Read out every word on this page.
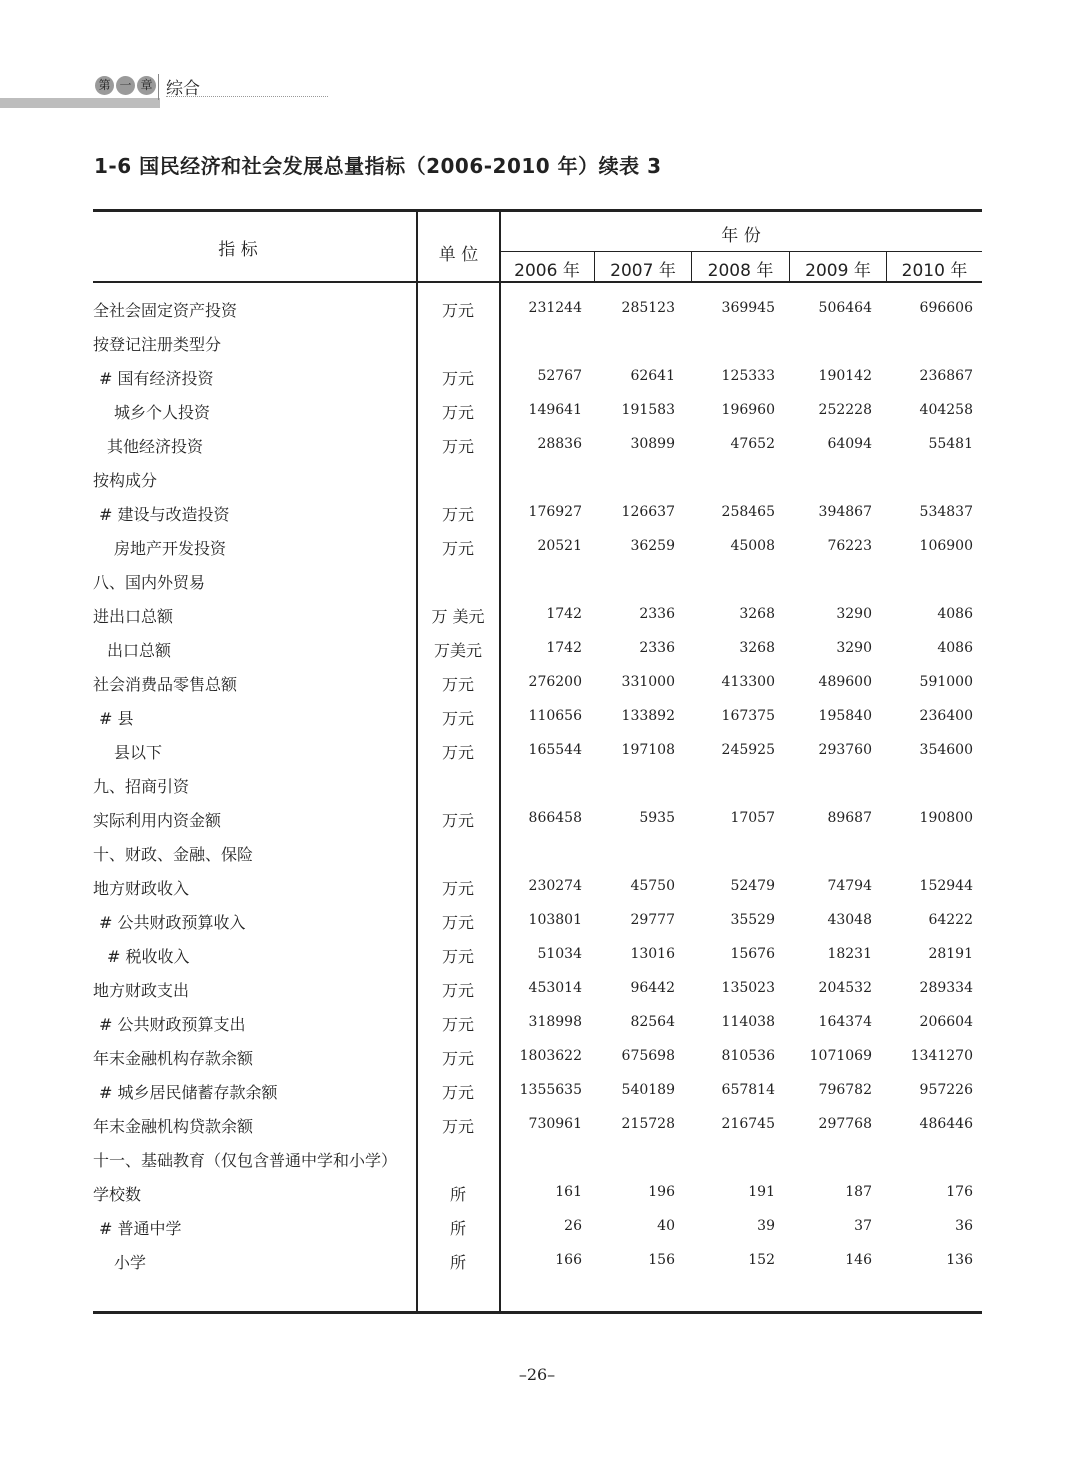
第 一 章 综合
1-6 国民经济和社会发展总量指标（2006-2010 年）续表 3
指 标	单 位
年 份
2006 年	2007 年	2008 年	2009 年	2010 年
全社会固定资产投资	万元	231244	285123	369945	506464	696606
按登记注册类型分
# 国有经济投资	万元	52767	62641	125333	190142	236867
城乡个人投资	万元	149641	191583	196960	252228	404258
其他经济投资	万元	28836	30899	47652	64094	55481
按构成分
# 建设与改造投资	万元	176927	126637	258465	394867	534837
房地产开发投资	万元	20521	36259	45008	76223	106900
八、国内外贸易
进出口总额	万 美元	1742	2336	3268	3290	4086
出口总额	万美元	1742	2336	3268	3290	4086
社会消费品零售总额	万元	276200	331000	413300	489600	591000
# 县	万元	110656	133892	167375	195840	236400
县以下	万元	165544	197108	245925	293760	354600
九、招商引资
实际利用内资金额	万元	866458	5935	17057	89687	190800
十、财政、金融、保险
地方财政收入	万元	230274	45750	52479	74794	152944
# 公共财政预算收入	万元	103801	29777	35529	43048	64222
# 税收收入	万元	51034	13016	15676	18231	28191
地方财政支出	万元	453014	96442	135023	204532	289334
# 公共财政预算支出	万元	318998	82564	114038	164374	206604
年末金融机构存款余额	万元	1803622	675698	810536	1071069	1341270
# 城乡居民储蓄存款余额	万元	1355635	540189	657814	796782	957226
年末金融机构贷款余额	万元	730961	215728	216745	297768	486446
十一、基础教育（仅包含普通中学和小学）
学校数	所	161	196	191	187	176
# 普通中学	所	26	40	39	37	36
小学	所	166	156	152	146	136
–26–
